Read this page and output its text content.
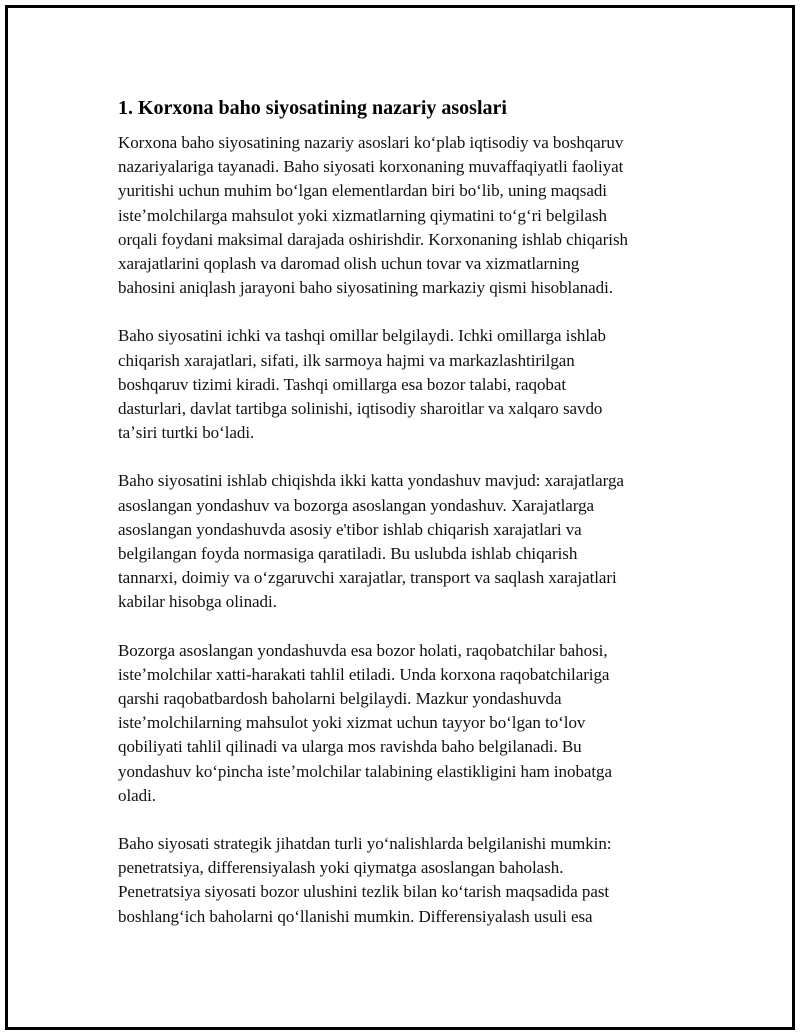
1. Korxona baho siyosatining nazariy asoslari

Korxona baho siyosatining nazariy asoslari koʻplab iqtisodiy va boshqaruv
nazariyalariga tayanadi. Baho siyosati korxonaning muvaffaqiyatli faoliyat
yuritishi uchun muhim boʻlgan elementlardan biri boʻlib, uning maqsadi
isteʼmolchilarga mahsulot yoki xizmatlarning qiymatini toʻgʻri belgilash
orqali foydani maksimal darajada oshirishdir. Korxonaning ishlab chiqarish
xarajatlarini qoplash va daromad olish uchun tovar va xizmatlarning
bahosini aniqlash jarayoni baho siyosatining markaziy qismi hisoblanadi.

Baho siyosatini ichki va tashqi omillar belgilaydi. Ichki omillarga ishlab
chiqarish xarajatlari, sifati, ilk sarmoya hajmi va markazlashtirilgan
boshqaruv tizimi kiradi. Tashqi omillarga esa bozor talabi, raqobat
dasturlari, davlat tartibga solinishi, iqtisodiy sharoitlar va xalqaro savdo
taʼsiri turtki boʻladi.

Baho siyosatini ishlab chiqishda ikki katta yondashuv mavjud: xarajatlarga
asoslangan yondashuv va bozorga asoslangan yondashuv. Xarajatlarga
asoslangan yondashuvda asosiy e'tibor ishlab chiqarish xarajatlari va
belgilangan foyda normasiga qaratiladi. Bu uslubda ishlab chiqarish
tannarxi, doimiy va oʻzgaruvchi xarajatlar, transport va saqlash xarajatlari
kabilar hisobga olinadi.

Bozorga asoslangan yondashuvda esa bozor holati, raqobatchilar bahosi,
isteʼmolchilar xatti-harakati tahlil etiladi. Unda korxona raqobatchilariga
qarshi raqobatbardosh baholarni belgilaydi. Mazkur yondashuvda
isteʼmolchilarning mahsulot yoki xizmat uchun tayyor boʻlgan toʻlov
qobiliyati tahlil qilinadi va ularga mos ravishda baho belgilanadi. Bu
yondashuv koʻpincha isteʼmolchilar talabining elastikligini ham inobatga
oladi.

Baho siyosati strategik jihatdan turli yoʻnalishlarda belgilanishi mumkin:
penetratsiya, differensiyalash yoki qiymatga asoslangan baholash.
Penetratsiya siyosati bozor ulushini tezlik bilan koʻtarish maqsadida past
boshlangʻich baholarni qoʻllanishi mumkin. Differensiyalash usuli esa
